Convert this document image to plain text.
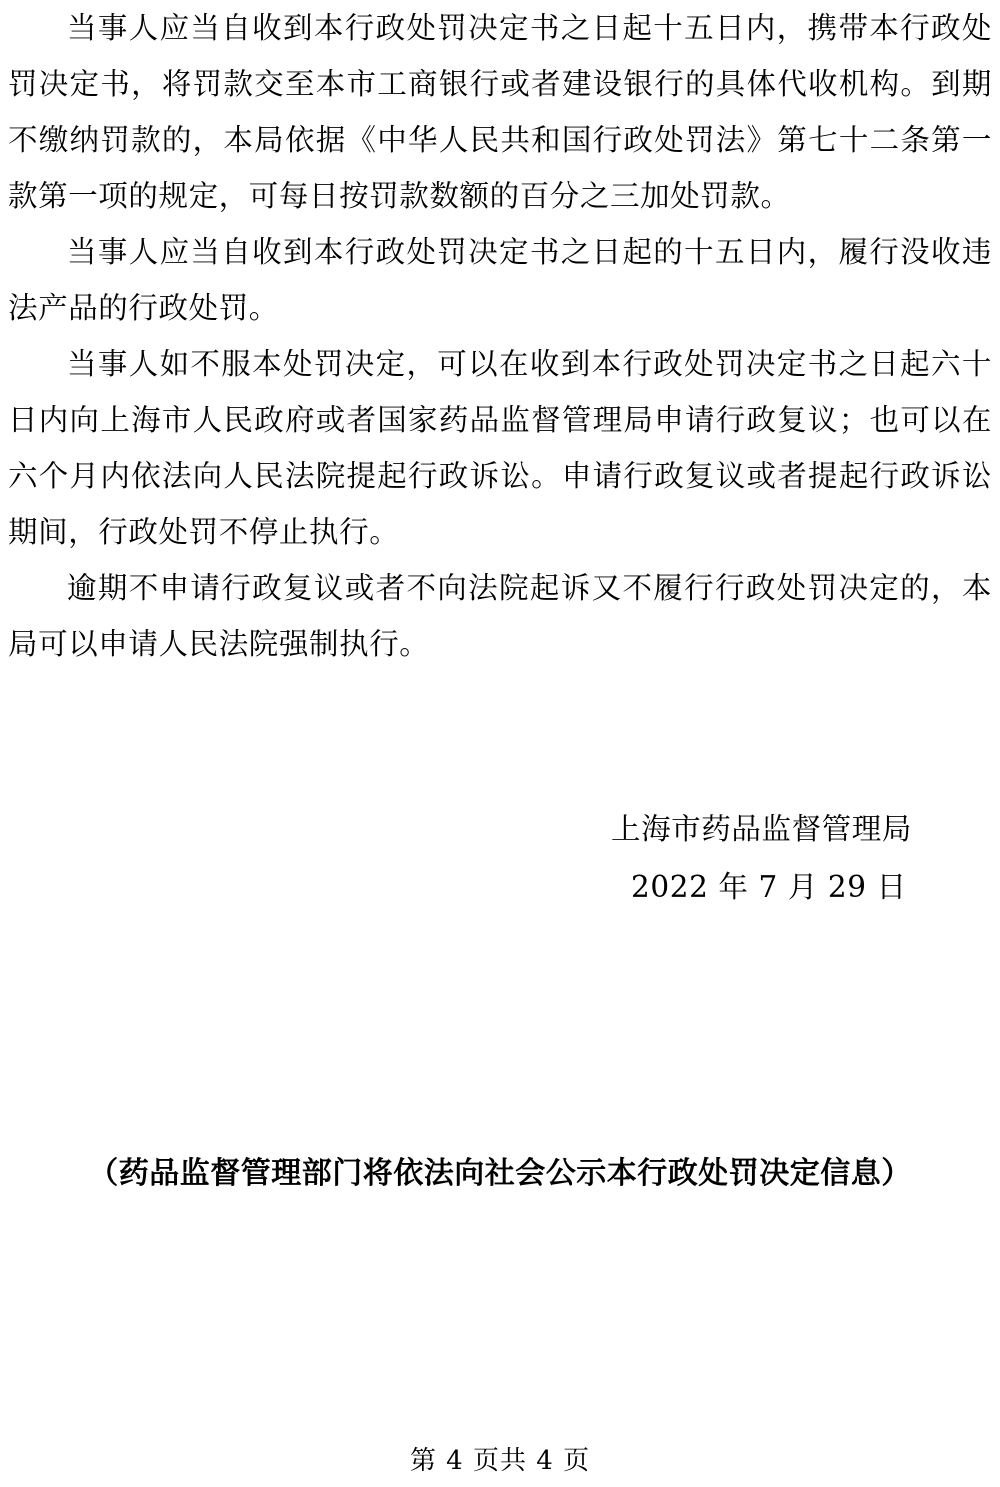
当事人应当自收到本行政处罚决定书之日起十五日内，携带本行政处罚决定书，将罚款交至本市工商银行或者建设银行的具体代收机构。到期不缴纳罚款的，本局依据《中华人民共和国行政处罚法》第七十二条第一款第一项的规定，可每日按罚款数额的百分之三加处罚款。

当事人应当自收到本行政处罚决定书之日起的十五日内，履行没收违法产品的行政处罚。

当事人如不服本处罚决定，可以在收到本行政处罚决定书之日起六十日内向上海市人民政府或者国家药品监督管理局申请行政复议；也可以在六个月内依法向人民法院提起行政诉讼。申请行政复议或者提起行政诉讼期间，行政处罚不停止执行。

逾期不申请行政复议或者不向法院起诉又不履行行政处罚决定的，本局可以申请人民法院强制执行。

上海市药品监督管理局
2022 年 7 月 29 日
（药品监督管理部门将依法向社会公示本行政处罚决定信息）
第 4 页共 4 页
